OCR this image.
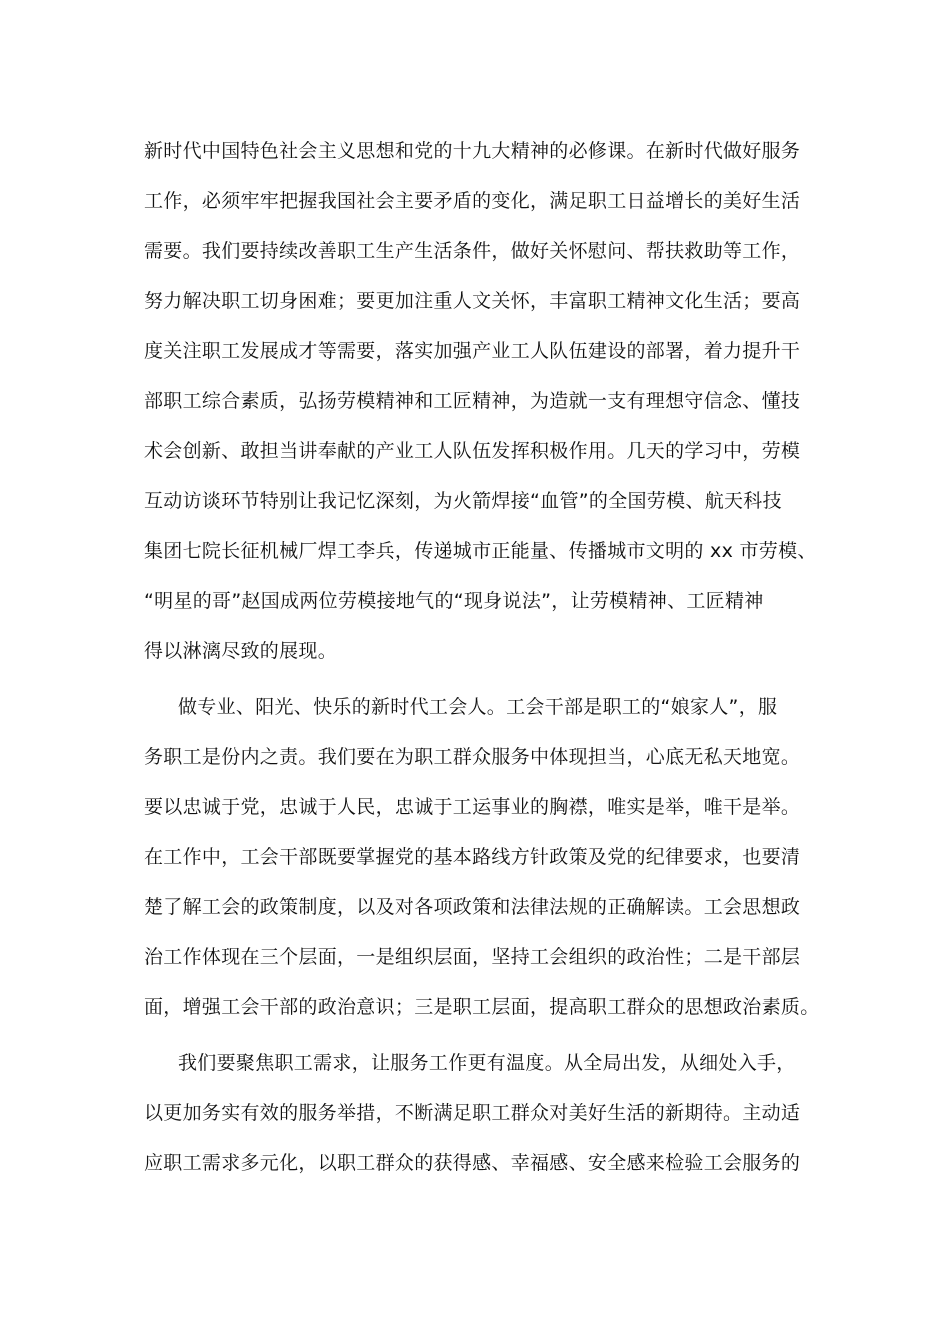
新时代中国特色社会主义思想和党的十九大精神的必修课。在新时代做好服务
工作，必须牢牢把握我国社会主要矛盾的变化，满足职工日益增长的美好生活
需要。我们要持续改善职工生产生活条件，做好关怀慰问、帮扶救助等工作，
努力解决职工切身困难；要更加注重人文关怀，丰富职工精神文化生活；要高
度关注职工发展成才等需要，落实加强产业工人队伍建设的部署，着力提升干
部职工综合素质，弘扬劳模精神和工匠精神，为造就一支有理想守信念、懂技
术会创新、敢担当讲奉献的产业工人队伍发挥积极作用。几天的学习中，劳模
互动访谈环节特别让我记忆深刻，为火箭焊接“血管”的全国劳模、航天科技
集团七院长征机械厂焊工李兵，传递城市正能量、传播城市文明的 xx 市劳模、
“明星的哥”赵国成两位劳模接地气的“现身说法”，让劳模精神、工匠精神
得以淋漓尽致的展现。
做专业、阳光、快乐的新时代工会人。工会干部是职工的“娘家人”，服
务职工是份内之责。我们要在为职工群众服务中体现担当，心底无私天地宽。
要以忠诚于党，忠诚于人民，忠诚于工运事业的胸襟，唯实是举，唯干是举。
在工作中，工会干部既要掌握党的基本路线方针政策及党的纪律要求，也要清
楚了解工会的政策制度，以及对各项政策和法律法规的正确解读。工会思想政
治工作体现在三个层面，一是组织层面，坚持工会组织的政治性；二是干部层
面，增强工会干部的政治意识；三是职工层面，提高职工群众的思想政治素质。
我们要聚焦职工需求，让服务工作更有温度。从全局出发，从细处入手，
以更加务实有效的服务举措，不断满足职工群众对美好生活的新期待。主动适
应职工需求多元化，以职工群众的获得感、幸福感、安全感来检验工会服务的
